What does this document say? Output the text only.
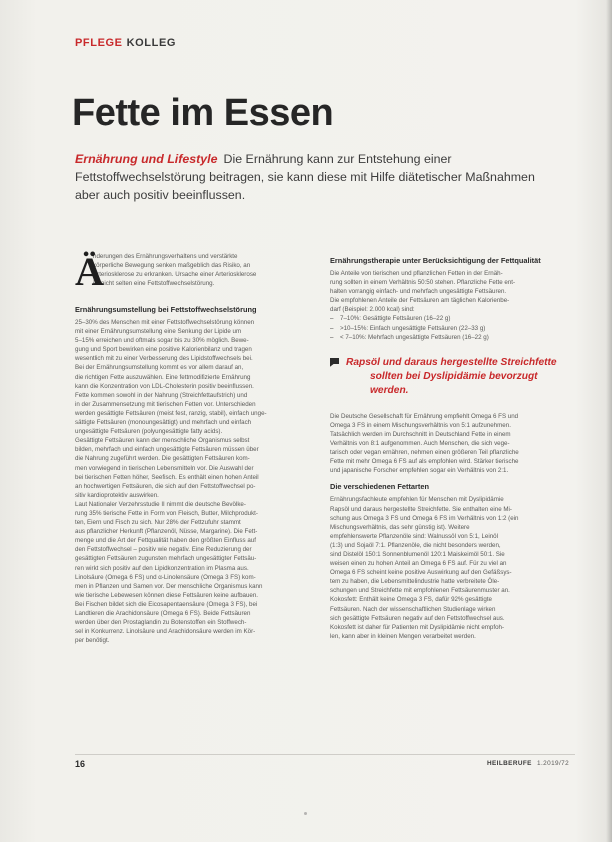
PFLEGE KOLLEG
Fette im Essen
Ernährung und Lifestyle Die Ernährung kann zur Entstehung einer Fettstoffwechselstörung beitragen, sie kann diese mit Hilfe diätetischer Maßnahmen aber auch positiv beeinflussen.
Ä

nderungen des Ernährungsverhaltens und verstärkte

körperliche Bewegung senken maßgeblich das Risiko, an

Arteriosklerose zu erkranken. Ursache einer Arteriosklerose

ist nicht selten eine Fettstoffwechselstörung.

Ernährungsumstellung bei Fettstoffwechselstörung

25–30% des Menschen mit einer Fettstoffwechselstörung können

mit einer Ernährungsumstellung eine Senkung der Lipide um

5–15% erreichen und oftmals sogar bis zu 30% möglich. Bewe-

gung und Sport bewirken eine positive Kalorienbilanz und tragen

wesentlich mit zu einer Verbesserung des Lipidstoffwechsels bei.

Bei der Ernährungsumstellung kommt es vor allem darauf an,

die richtigen Fette auszuwählen. Eine fettmodifizierte Ernährung

kann die Konzentration von LDL-Cholesterin positiv beeinflussen.

Fette kommen sowohl in der Nahrung (Streichfettaufstrich) und

in der Zusammensetzung mit tierischen Fetten vor. Unterschieden

werden gesättigte Fettsäuren (meist fest, ranzig, stabil), einfach unge-

sättigte Fettsäuren (monoungesättigt) und mehrfach und einfach

ungesättigte Fettsäuren (polyungesättigte fatty acids).

Gesättigte Fettsäuren kann der menschliche Organismus selbst

bilden, mehrfach und einfach ungesättigte Fettsäuren müssen über

die Nahrung zugeführt werden. Die gesättigten Fettsäuren kom-

men vorwiegend in tierischen Lebensmitteln vor. Die Auswahl der

bei tierischen Fetten höher, Seefisch. Es enthält einen hohen Anteil

an hochwertigen Fettsäuren, die sich auf den Fettstoffwechsel po-

sitiv kardioprotektiv auswirken.

Laut Nationaler Verzehrsstudie II nimmt die deutsche Bevölke-

rung 35% tierische Fette in Form von Fleisch, Butter, Milchprodukt-

ten, Eiern und Fisch zu sich. Nur 28% der Fettzufuhr stammt

aus pflanzlicher Herkunft (Pflanzenöl, Nüsse, Margarine). Die Fett-

menge und die Art der Fettqualität haben den größten Einfluss auf

den Fettstoffwechsel – positiv wie negativ. Eine Reduzierung der

gesättigten Fettsäuren zugunsten mehrfach ungesättigter Fettsäu-

ren wirkt sich positiv auf den Lipidkonzentration im Plasma aus.

Linolsäure (Omega 6 FS) und α-Linolensäure (Omega 3 FS) kom-

men in Pflanzen und Samen vor. Der menschliche Organismus kann

wie tierische Lebewesen können diese Fettsäuren keine aufbauen.

Bei Fischen bildet sich die Eicosapentaensäure (Omega 3 FS), bei

Landtieren die Arachidonsäure (Omega 6 FS). Beide Fettsäuren

werden über den Prostaglandin zu Botenstoffen ein Stoffwech-

sel in Konkurrenz. Linolsäure und Arachidonsäure werden im Kör-

per benötigt.

Ernährungstherapie unter Berücksichtigung der Fettqualität

Die Anteile von tierischen und pflanzlichen Fetten in der Ernäh-

rung sollten in einem Verhältnis 50:50 stehen. Pflanzliche Fette ent-

halten vorrangig einfach- und mehrfach ungesättigte Fettsäuren.

Die empfohlenen Anteile der Fettsäuren am täglichen Kalorienbe-

darf (Beispiel: 2.000 kcal) sind:

– 7–10%: Gesättigte Fettsäuren (16–22 g)

– >10–15%: Einfach ungesättigte Fettsäuren (22–33 g)

– < 7–10%: Mehrfach ungesättigte Fettsäuren (16–22 g)

Rapsöl und daraus hergestellte Streichfette
sollten bei Dyslipidämie bevorzugt werden.

Die Deutsche Gesellschaft für Ernährung empfiehlt Omega 6 FS und

Omega 3 FS in einem Mischungsverhältnis von 5:1 aufzunehmen.

Tatsächlich werden im Durchschnitt in Deutschland Fette in einem

Verhältnis von 8:1 aufgenommen. Auch Menschen, die sich vege-

tarisch oder vegan ernähren, nehmen einen größeren Teil pflanzliche

Fette mit mehr Omega 6 FS auf als empfohlen wird. Stärker tierische

und japanische Forscher empfehlen sogar ein Verhältnis von 2:1.

Die verschiedenen Fettarten

Ernährungsfachleute empfehlen für Menschen mit Dyslipidämie

Rapsöl und daraus hergestellte Streichfette. Sie enthalten eine Mi-

schung aus Omega 3 FS und Omega 6 FS im Verhältnis von 1:2 (ein

Mischungsverhältnis, das sehr günstig ist). Weitere

empfehlenswerte Pflanzenöle sind: Walnussöl von 5:1, Leinöl

(1:3) und Sojaöl 7:1. Pflanzenöle, die nicht besonders werden,

sind Distelöl 150:1 Sonnenblumenöl 120:1 Maiskeimöl 50:1. Sie

weisen einen zu hohen Anteil an Omega 6 FS auf. Für zu viel an

Omega 6 FS scheint keine positive Auswirkung auf den Gefäßsys-

tem zu haben, die Lebensmittelindustrie hatte verbreitete Öle-

schungen und Streichfette mit empfohlenen Fettsäurenmuster an.

Kokosfett: Enthält keine Omega 3 FS, dafür 92% gesättigte

Fettsäuren. Nach der wissenschaftlichen Studienlage wirken

sich gesättigte Fettsäuren negativ auf den Fettstoffwechsel aus.

Kokosfett ist daher für Patienten mit Dyslipidämie nicht empfoh-

len, kann aber in kleinen Mengen verarbeitet werden.

16	HEILBERUFE 1.2019/72
